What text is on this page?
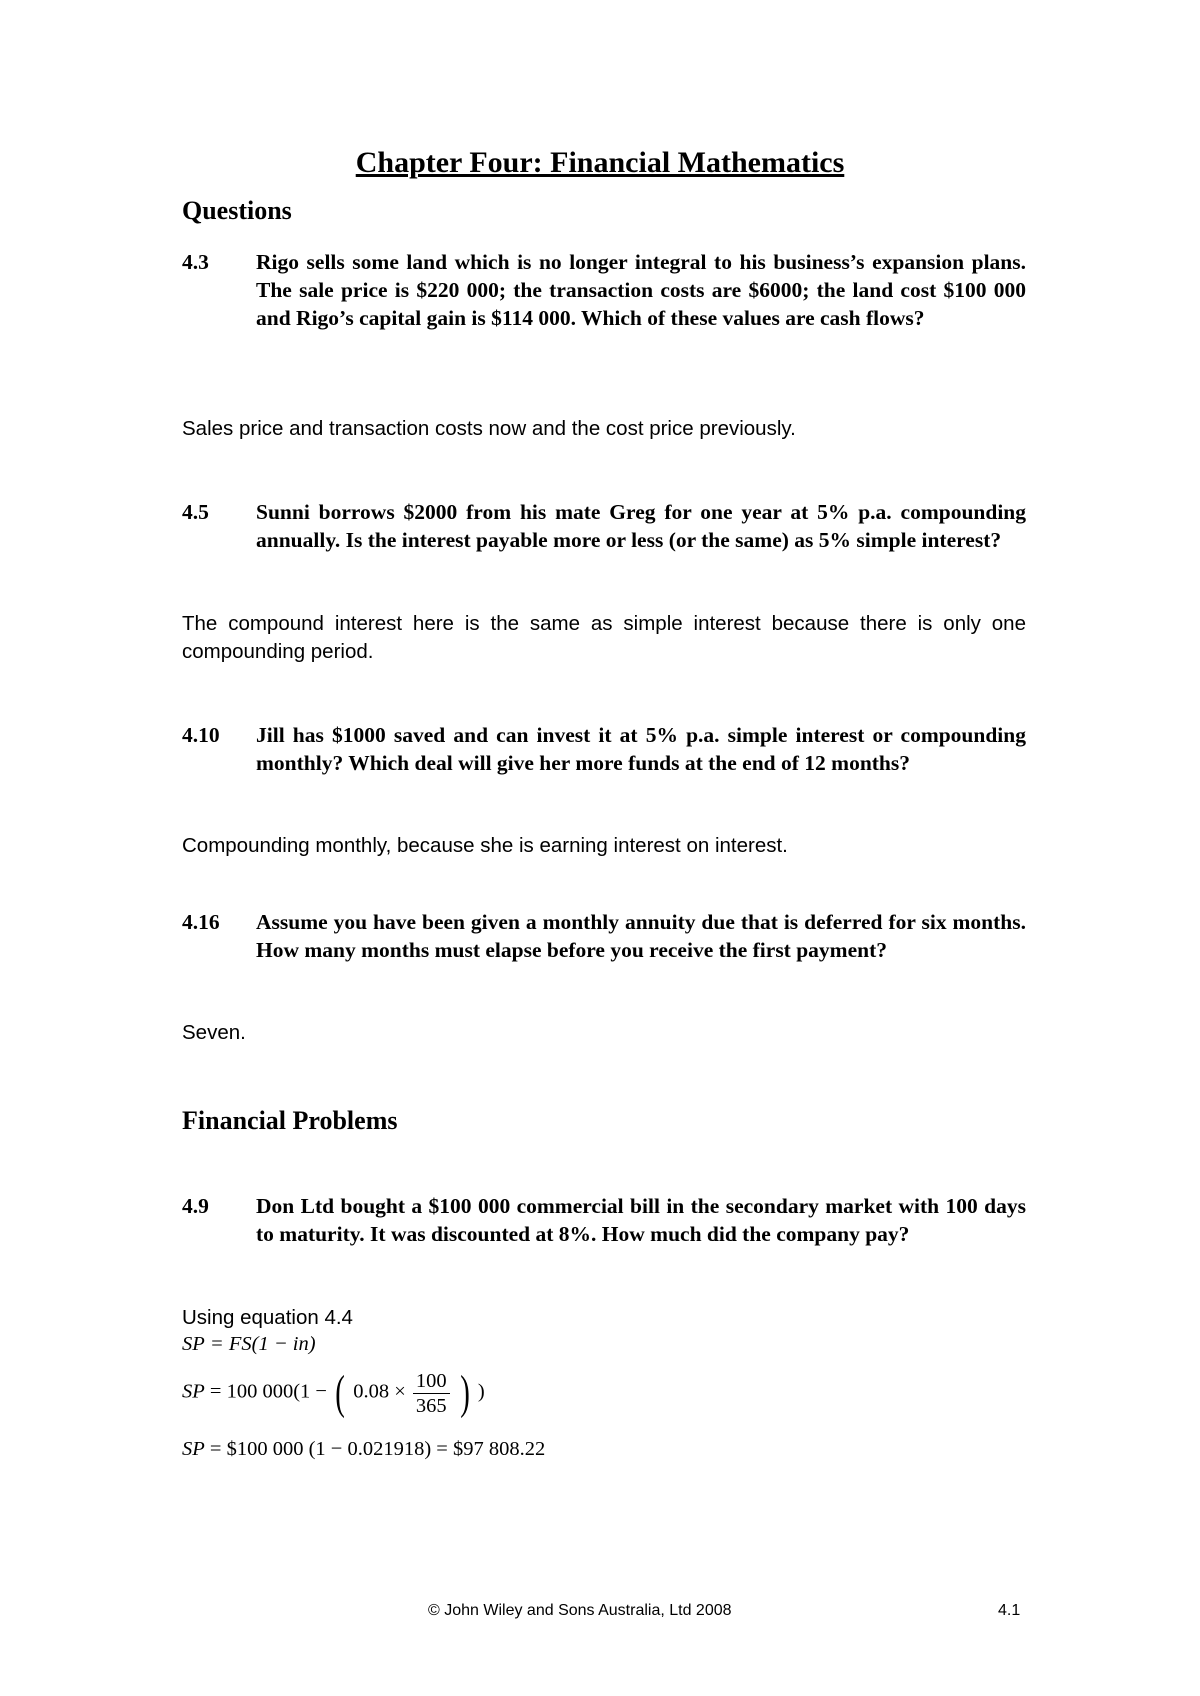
Chapter Four: Financial Mathematics
Questions
4.3	Rigo sells some land which is no longer integral to his business’s expansion plans. The sale price is $220 000; the transaction costs are $6000; the land cost $100 000 and Rigo’s capital gain is $114 000. Which of these values are cash flows?
Sales price and transaction costs now and the cost price previously.
4.5	Sunni borrows $2000 from his mate Greg for one year at 5% p.a. compounding annually. Is the interest payable more or less (or the same) as 5% simple interest?
The compound interest here is the same as simple interest because there is only one compounding period.
4.10	Jill has $1000 saved and can invest it at 5% p.a. simple interest or compounding monthly? Which deal will give her more funds at the end of 12 months?
Compounding monthly, because she is earning interest on interest.
4.16	Assume you have been given a monthly annuity due that is deferred for six months. How many months must elapse before you receive the first payment?
Seven.
Financial Problems
4.9	Don Ltd bought a $100 000 commercial bill in the secondary market with 100 days to maturity. It was discounted at 8%. How much did the company pay?
Using equation 4.4
SP = FS(1 − in)
SP = 100 000(1 − ( $0.08 \times \frac{100}{365}$ ) )
SP = $100 000 (1 − 0.021918) = $97 808.22
© John Wiley and Sons Australia, Ltd 2008	4.1
